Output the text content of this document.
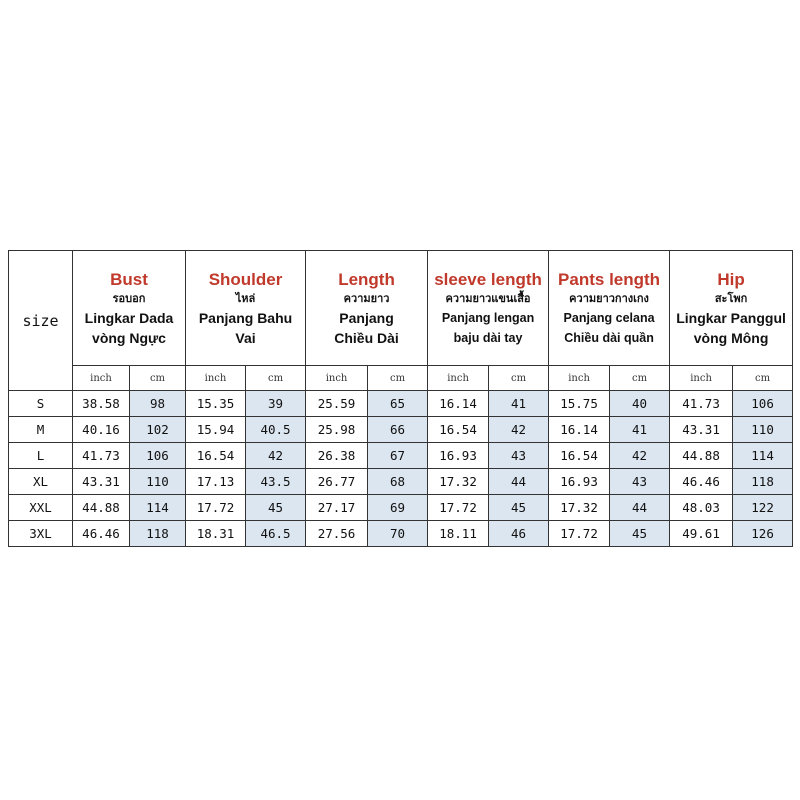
size	Bust
รอบอก
Lingkar Dada
vòng Ngực		Shoulder
ไหล่
Panjang Bahu
Vai		Length
ความยาว
Panjang
Chiều Dài		sleeve length
ความยาวแขนเสื้อ
Panjang lengan
baju dài tay		Pants length
ความยาวกางเกง
Panjang celana
Chiều dài quần		Hip
สะโพก
Lingkar Panggul
vòng Mông	

	inch	cm	inch	cm	inch	cm	inch	cm	inch	cm	inch	cm
S	38.58	98	15.35	39	25.59	65	16.14	41	15.75	40	41.73	106
M	40.16	102	15.94	40.5	25.98	66	16.54	42	16.14	41	43.31	110
L	41.73	106	16.54	42	26.38	67	16.93	43	16.54	42	44.88	114
XL	43.31	110	17.13	43.5	26.77	68	17.32	44	16.93	43	46.46	118
XXL	44.88	114	17.72	45	27.17	69	17.72	45	17.32	44	48.03	122
3XL	46.46	118	18.31	46.5	27.56	70	18.11	46	17.72	45	49.61	126
